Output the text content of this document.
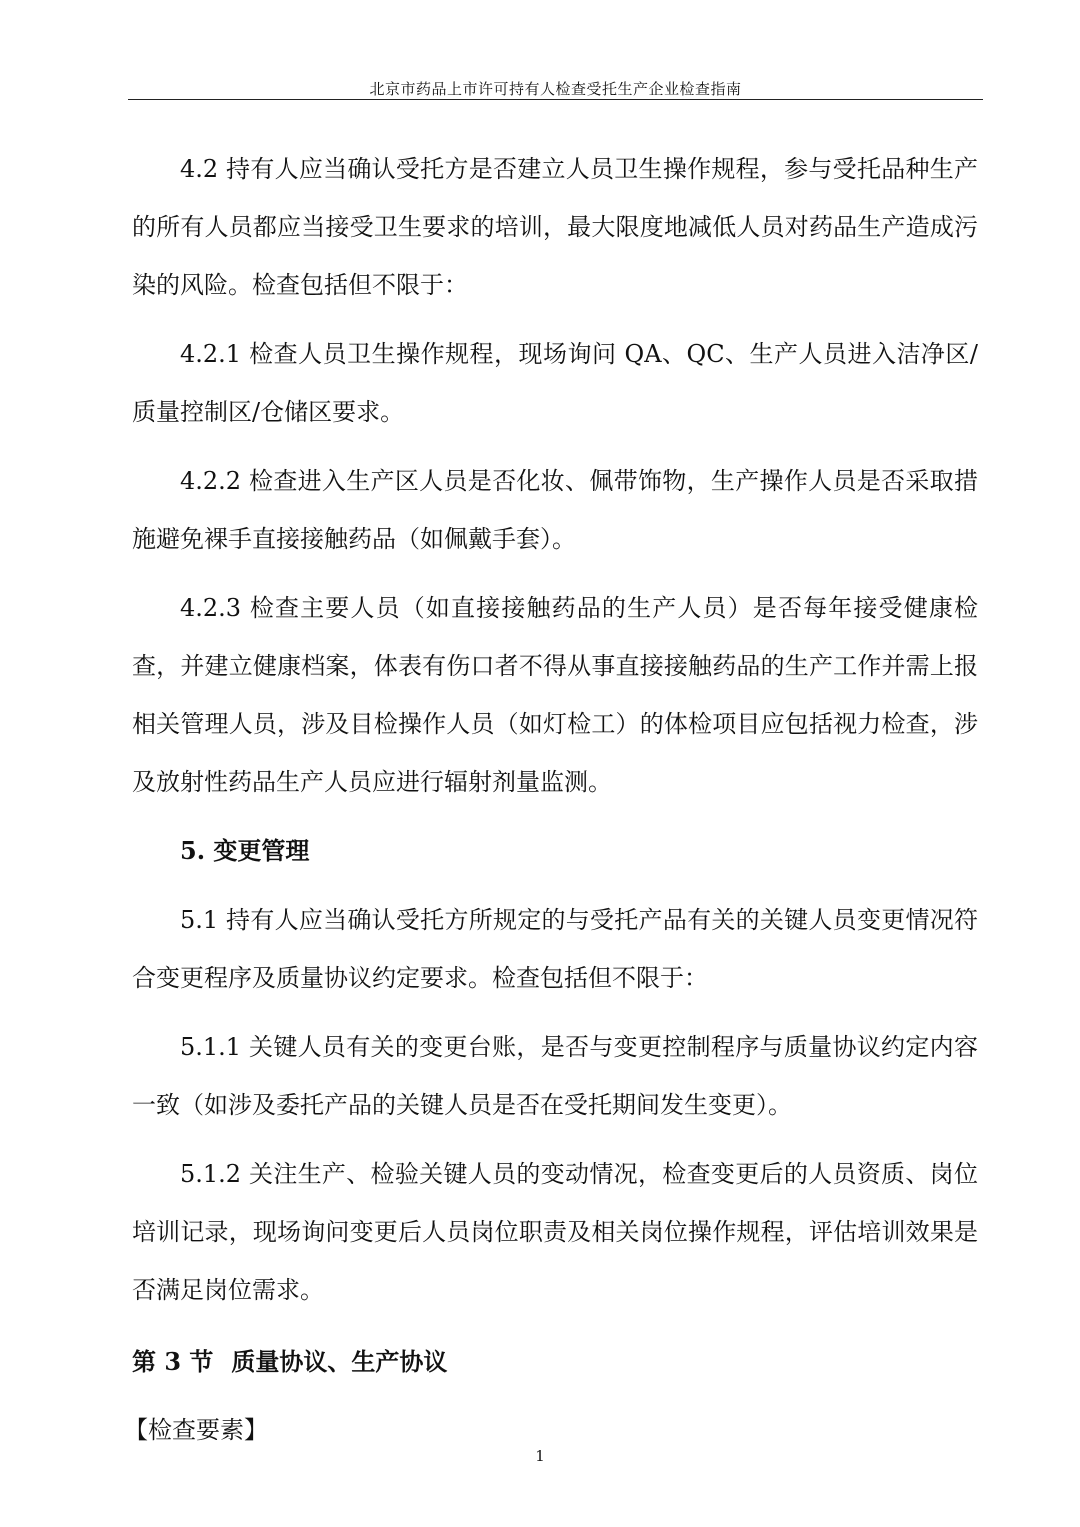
北京市药品上市许可持有人检查受托生产企业检查指南

4.2 持有人应当确认受托方是否建立人员卫生操作规程，参与受托品种生产的所有人员都应当接受卫生要求的培训，最大限度地减低人员对药品生产造成污染的风险。检查包括但不限于：

4.2.1 检查人员卫生操作规程，现场询问 QA、QC、生产人员进入洁净区/质量控制区/仓储区要求。

4.2.2 检查进入生产区人员是否化妆、佩带饰物，生产操作人员是否采取措施避免裸手直接接触药品（如佩戴手套）。

4.2.3 检查主要人员（如直接接触药品的生产人员）是否每年接受健康检查，并建立健康档案，体表有伤口者不得从事直接接触药品的生产工作并需上报相关管理人员，涉及目检操作人员（如灯检工）的体检项目应包括视力检查，涉及放射性药品生产人员应进行辐射剂量监测。

5. 变更管理

5.1 持有人应当确认受托方所规定的与受托产品有关的关键人员变更情况符合变更程序及质量协议约定要求。检查包括但不限于：

5.1.1 关键人员有关的变更台账，是否与变更控制程序与质量协议约定内容一致（如涉及委托产品的关键人员是否在受托期间发生变更）。

5.1.2 关注生产、检验关键人员的变动情况，检查变更后的人员资质、岗位培训记录，现场询问变更后人员岗位职责及相关岗位操作规程，评估培训效果是否满足岗位需求。

第 3 节 质量协议、生产协议
【检查要素】
1
